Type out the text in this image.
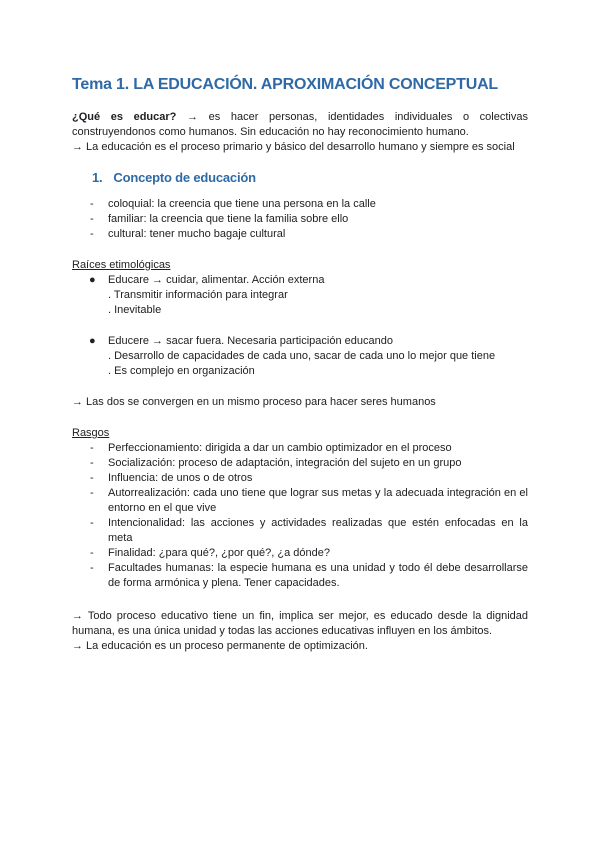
Tema 1. LA EDUCACIÓN. APROXIMACIÓN CONCEPTUAL

¿Qué es educar? → es hacer personas, identidades individuales o colectivas construyendonos como humanos. Sin educación no hay reconocimiento humano.

→ La educación es el proceso primario y básico del desarrollo humano y siempre es social

1. Concepto de educación
- coloquial: la creencia que tiene una persona en la calle
- familiar: la creencia que tiene la familia sobre ello
- cultural: tener mucho bagaje cultural
Raíces etimológicas
● Educare → cuidar, alimentar. Acción externa
. Transmitir información para integrar
. Inevitable
● Educere → sacar fuera. Necesaria participación educando
. Desarrollo de capacidades de cada uno, sacar de cada uno lo mejor que tiene
. Es complejo en organización
→ Las dos se convergen en un mismo proceso para hacer seres humanos
Rasgos
- Perfeccionamiento: dirigida a dar un cambio optimizador en el proceso
- Socialización: proceso de adaptación, integración del sujeto en un grupo
- Influencia: de unos o de otros
- Autorrealización: cada uno tiene que lograr sus metas y la adecuada integración en el entorno en el que vive
- Intencionalidad: las acciones y actividades realizadas que estén enfocadas en la meta
- Finalidad: ¿para qué?, ¿por qué?, ¿a dónde?
- Facultades humanas: la especie humana es una unidad y todo él debe desarrollarse de forma armónica y plena. Tener capacidades.

→ Todo proceso educativo tiene un fin, implica ser mejor, es educado desde la dignidad humana, es una única unidad y todas las acciones educativas influyen en los ámbitos.

→ La educación es un proceso permanente de optimización.
